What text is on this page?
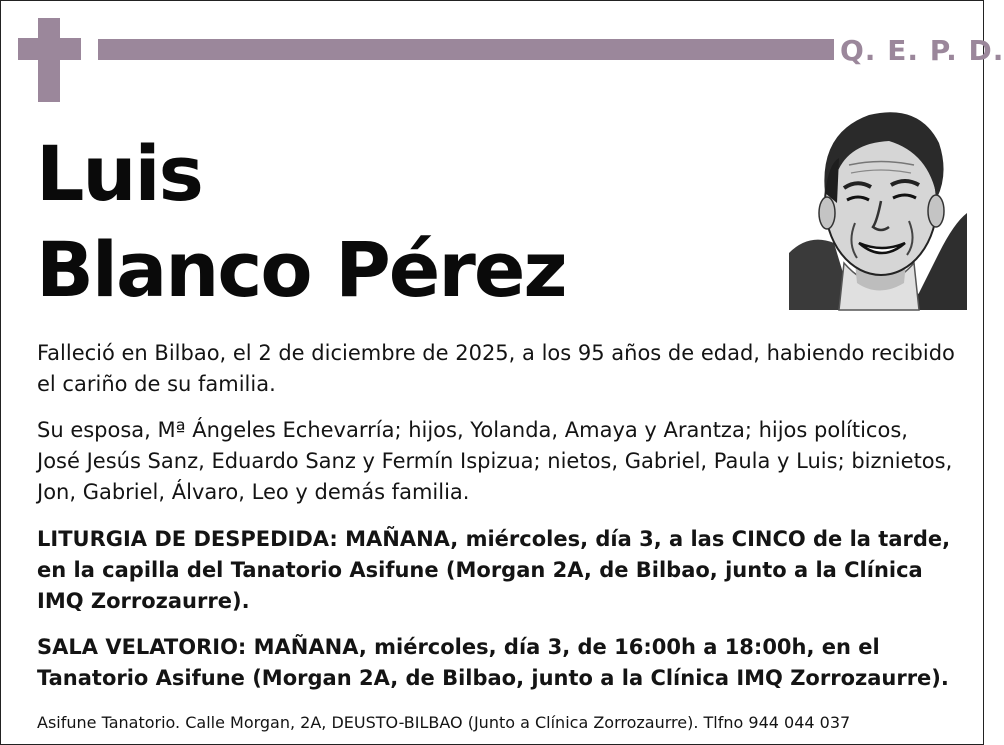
Q. E. P. D.
Luis
Blanco Pérez
Falleció en Bilbao, el 2 de diciembre de 2025, a los 95 años de edad, habiendo recibido el cariño de su familia.
Su esposa, Mª Ángeles Echevarría; hijos, Yolanda, Amaya y Arantza; hijos políticos, José Jesús Sanz, Eduardo Sanz y Fermín Ispizua; nietos, Gabriel, Paula y Luis; biznietos, Jon, Gabriel, Álvaro, Leo y demás familia.
LITURGIA DE DESPEDIDA: MAÑANA, miércoles, día 3, a las CINCO de la tarde, en la capilla del Tanatorio Asifune (Morgan 2A, de Bilbao, junto a la Clínica IMQ Zorrozaurre).
SALA VELATORIO: MAÑANA, miércoles, día 3, de 16:00h a 18:00h, en el Tanatorio Asifune (Morgan 2A, de Bilbao, junto a la Clínica IMQ Zorrozaurre).
Asifune Tanatorio. Calle Morgan, 2A, DEUSTO-BILBAO (Junto a Clínica Zorrozaurre). Tlfno 944 044 037
